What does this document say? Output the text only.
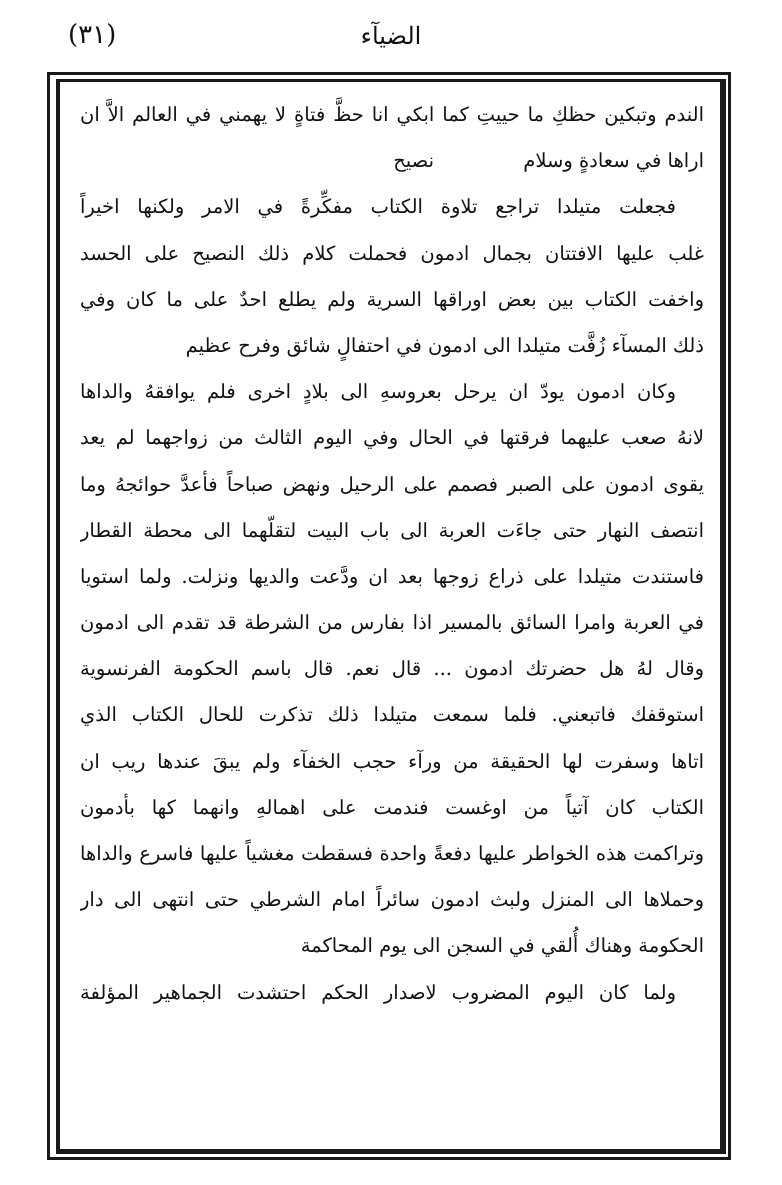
الضيآء
(٣١)
الندم وتبكين حظكِ ما حييتِ كما ابكي انا حظَّ فتاةٍ لا يهمني في العالم الاَّ ان
اراها في سعادةٍ وسلام
نصيح
فجعلت متيلدا تراجع تلاوة الكتاب مفكِّرةً في الامر ولكنها اخيراً
غلب عليها الافتتان بجمال ادمون فحملت كلام ذلك النصيح على الحسد
واخفت الكتاب بين بعض اوراقها السرية ولم يطلع احدٌ على ما كان وفي
ذلك المسآء زُفَّت متيلدا الى ادمون في احتفالٍ شائق وفرح عظيم
وكان ادمون يودّ ان يرحل بعروسهِ الى بلادٍ اخرى فلم يوافقهُ والداها
لانهُ صعب عليهما فرقتها في الحال وفي اليوم الثالث من زواجهما لم يعد
يقوى ادمون على الصبر فصمم على الرحيل ونهض صباحاً فأعدَّ حوائجهُ وما
انتصف النهار حتى جاءَت العربة الى باب البيت لتقلّهما الى محطة القطار
فاستندت متيلدا على ذراع زوجها بعد ان ودَّعت والديها ونزلت. ولما استويا
في العربة وامرا السائق بالمسير اذا بفارس من الشرطة قد تقدم الى ادمون
وقال لهُ هل حضرتك ادمون ... قال نعم. قال باسم الحكومة الفرنسوية
استوقفك فاتبعني. فلما سمعت متيلدا ذلك تذكرت للحال الكتاب الذي
اتاها وسفرت لها الحقيقة من ورآء حجب الخفآء ولم يبقَ عندها ريب ان
الكتاب كان آتياً من اوغست فندمت على اهمالهِ وانهما كها بأدمون
وتراكمت هذه الخواطر عليها دفعةً واحدة فسقطت مغشياً عليها فاسرع والداها
وحملاها الى المنزل ولبث ادمون سائراً امام الشرطي حتى انتهى الى دار
الحكومة وهناك أُلقي في السجن الى يوم المحاكمة
ولما كان اليوم المضروب لاصدار الحكم احتشدت الجماهير المؤلفة
